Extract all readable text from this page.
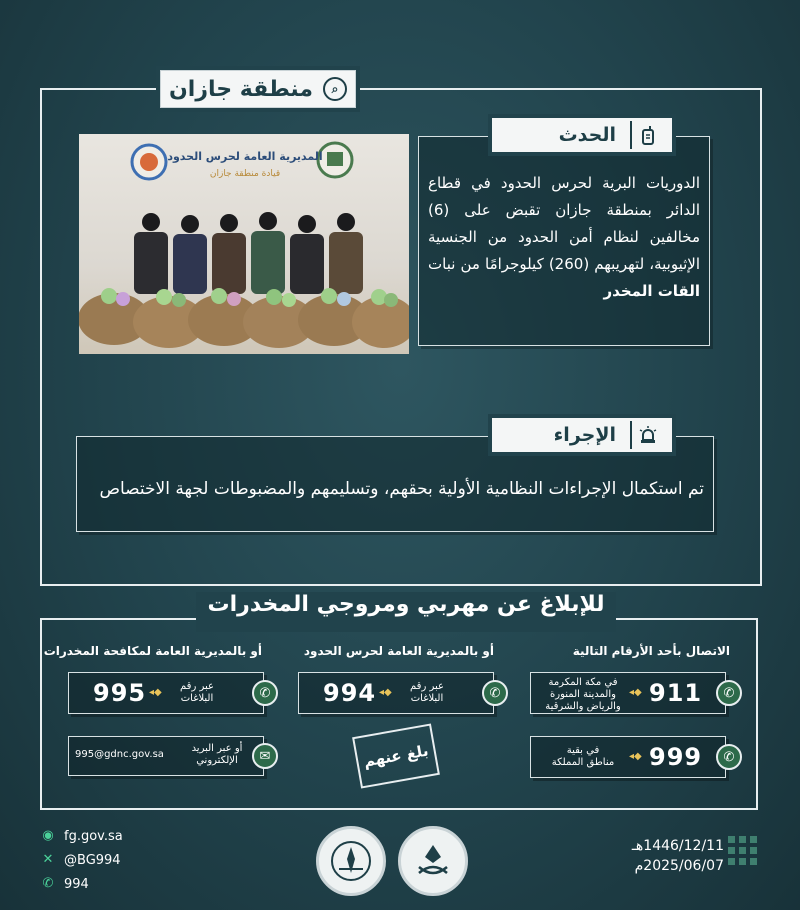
⌕
منطقة جازان
المديرية العامة لحرس الحدود
قيادة منطقة جازان
الحدث
الدوريات البرية لحرس الحدود في قطاع الدائر بمنطقة جازان تقبض على (6) مخالفين لنظام أمن الحدود من الجنسية الإثيوبية، لتهريبهم (260) كيلوجرامًا من نبات القات المخدر
الإجراء
تم استكمال الإجراءات النظامية الأولية بحقهم، وتسليمهم والمضبوطات لجهة الاختصاص
للإبلاغ عن مهربي ومروجي المخدرات
الاتصال بأحد الأرقام التالية
أو بالمديرية العامة لحرس الحدود
أو بالمديرية العامة لمكافحة المخدرات
في مكة المكرمة
والمدينة المنورة
والرياض والشرقية
◆◂ 911	✆
في بقية
مناطق المملكة
◆◂ 999	✆
عبر رقم
البلاغات
◆◂
994	✆
عبر رقم
البلاغات
◆◂
995	✆
995@gdnc.gov.sa
أو عبر البريد
الإلكتروني	✉	بلغ عنهم
◉ fg.gov.sa
✕ @BG994
✆ 994
1446/12/11هـ
2025/06/07م
